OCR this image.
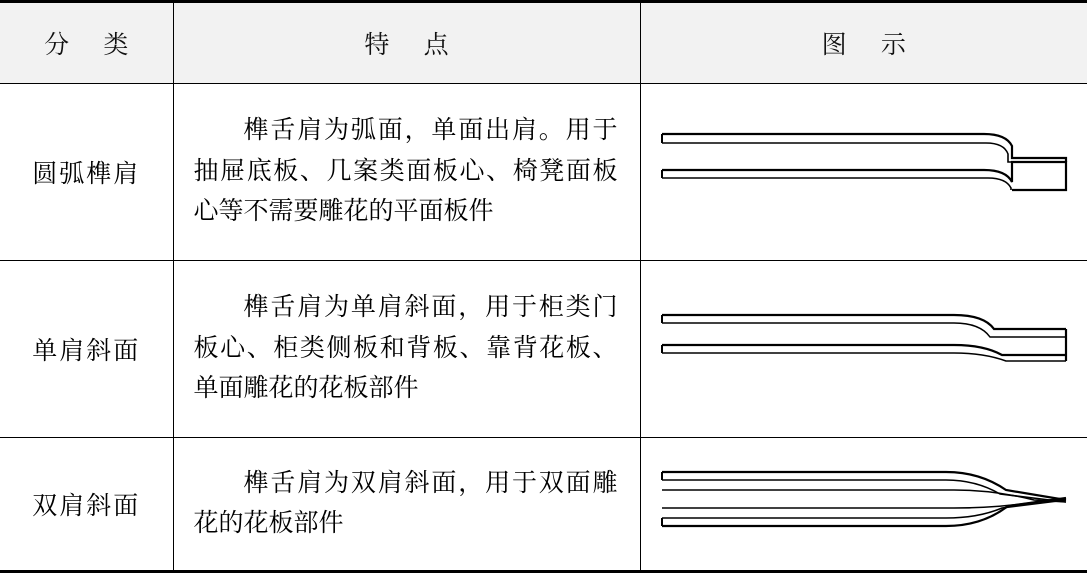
分 类	特 点	图 示
圆弧榫肩	榫舌肩为弧面，单面出肩。用于抽屉底板、几案类面板心、椅凳面板心等不需要雕花的平面板件

单肩斜面	榫舌肩为单肩斜面，用于柜类门板心、柜类侧板和背板、靠背花板、单面雕花的花板部件

双肩斜面	榫舌肩为双肩斜面，用于双面雕花的花板部件
